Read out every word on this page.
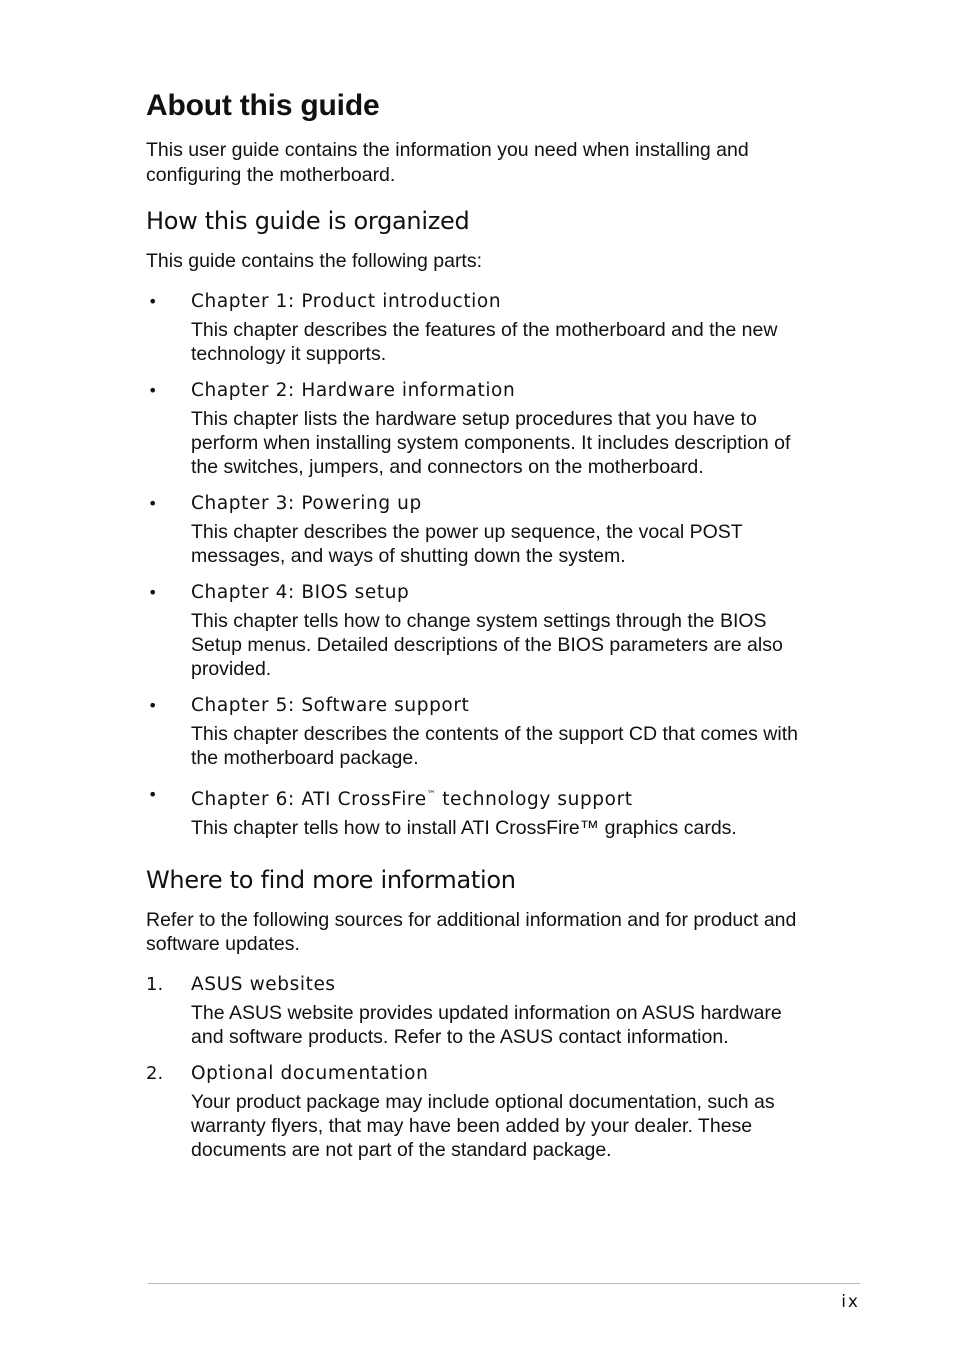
About this guide

This user guide contains the information you need when installing and configuring the motherboard.

How this guide is organized

This guide contains the following parts:

• Chapter 1: Product introduction

This chapter describes the features of the motherboard and the new technology it supports.

• Chapter 2: Hardware information

This chapter lists the hardware setup procedures that you have to perform when installing system components. It includes description of the switches, jumpers, and connectors on the motherboard.

• Chapter 3: Powering up

This chapter describes the power up sequence, the vocal POST messages, and ways of shutting down the system.

• Chapter 4: BIOS setup

This chapter tells how to change system settings through the BIOS Setup menus. Detailed descriptions of the BIOS parameters are also provided.

• Chapter 5: Software support

This chapter describes the contents of the support CD that comes with the motherboard package.

• Chapter 6: ATI CrossFire™ technology support

This chapter tells how to install ATI CrossFire™ graphics cards.

Where to find more information

Refer to the following sources for additional information and for product and software updates.

1. ASUS websites

The ASUS website provides updated information on ASUS hardware and software products. Refer to the ASUS contact information.

2. Optional documentation

Your product package may include optional documentation, such as warranty flyers, that may have been added by your dealer. These documents are not part of the standard package.

ix
